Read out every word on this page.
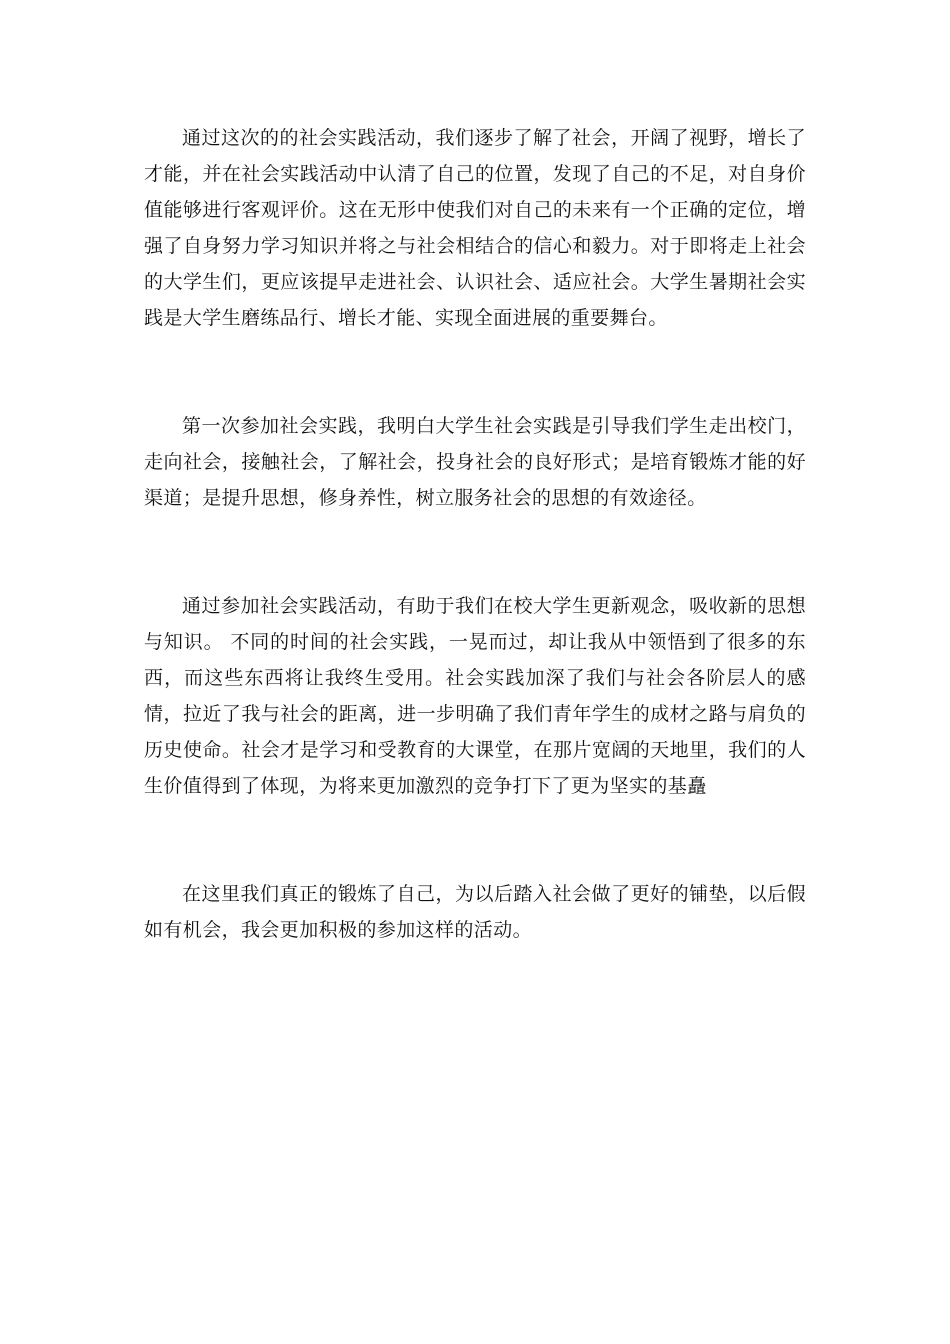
通过这次的的社会实践活动，我们逐步了解了社会，开阔了视野，增长了才能，并在社会实践活动中认清了自己的位置，发现了自己的不足，对自身价值能够进行客观评价。这在无形中使我们对自己的未来有一个正确的定位，增强了自身努力学习知识并将之与社会相结合的信心和毅力。对于即将走上社会的大学生们，更应该提早走进社会、认识社会、适应社会。大学生暑期社会实践是大学生磨练品行、增长才能、实现全面进展的重要舞台。

第一次参加社会实践，我明白大学生社会实践是引导我们学生走出校门，走向社会，接触社会，了解社会，投身社会的良好形式；是培育锻炼才能的好渠道；是提升思想，修身养性，树立服务社会的思想的有效途径。

通过参加社会实践活动，有助于我们在校大学生更新观念，吸收新的思想与知识。 不同的时间的社会实践，一晃而过，却让我从中领悟到了很多的东西，而这些东西将让我终生受用。社会实践加深了我们与社会各阶层人的感情，拉近了我与社会的距离，进一步明确了我们青年学生的成材之路与肩负的历史使命。社会才是学习和受教育的大课堂，在那片宽阔的天地里，我们的人生价值得到了体现，为将来更加激烈的竞争打下了更为坚实的基矗

在这里我们真正的锻炼了自己，为以后踏入社会做了更好的铺垫，以后假如有机会，我会更加积极的参加这样的活动。
